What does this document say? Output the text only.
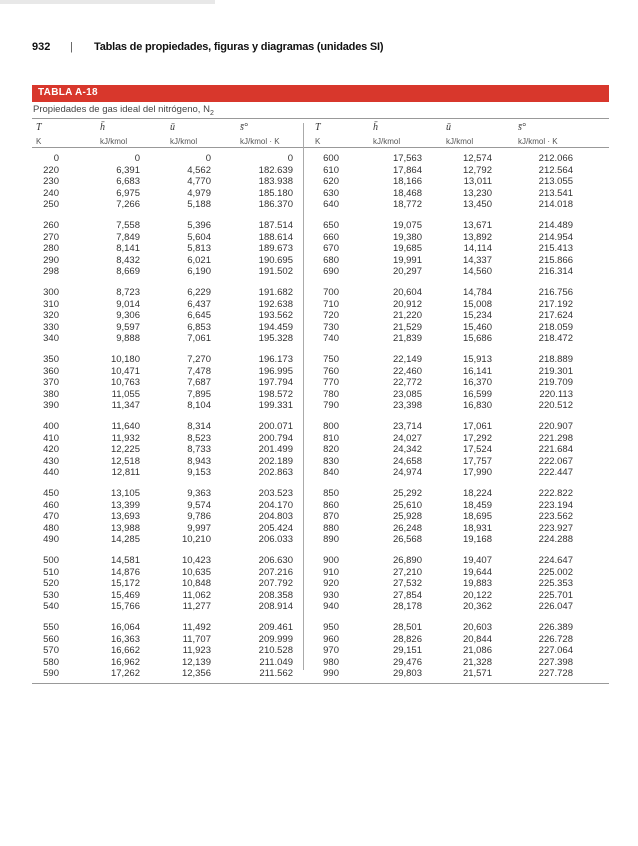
932 | Tablas de propiedades, figuras y diagramas (unidades SI)
TABLA A-18
Propiedades de gas ideal del nitrógeno, $N_2$
T
K
h̄
kJ/kmol
ū
kJ/kmol
s̄°
kJ/kmol · K
T
K
h̄
kJ/kmol
ū
kJ/kmol
s̄°
kJ/kmol · K
0	0	0	0	600	17,563	12,574	212.066
220	6,391	4,562	182.639	610	17,864	12,792	212.564
230	6,683	4,770	183.938	620	18,166	13,011	213.055
240	6,975	4,979	185.180	630	18,468	13,230	213.541
250	7,266	5,188	186.370	640	18,772	13,450	214.018
260	7,558	5,396	187.514	650	19,075	13,671	214.489
270	7,849	5,604	188.614	660	19,380	13,892	214.954
280	8,141	5,813	189.673	670	19,685	14,114	215.413
290	8,432	6,021	190.695	680	19,991	14,337	215.866
298	8,669	6,190	191.502	690	20,297	14,560	216.314
300	8,723	6,229	191.682	700	20,604	14,784	216.756
310	9,014	6,437	192.638	710	20,912	15,008	217.192
320	9,306	6,645	193.562	720	21,220	15,234	217.624
330	9,597	6,853	194.459	730	21,529	15,460	218.059
340	9,888	7,061	195.328	740	21,839	15,686	218.472
350	10,180	7,270	196.173	750	22,149	15,913	218.889
360	10,471	7,478	196.995	760	22,460	16,141	219.301
370	10,763	7,687	197.794	770	22,772	16,370	219.709
380	11,055	7,895	198.572	780	23,085	16,599	220.113
390	11,347	8,104	199.331	790	23,398	16,830	220.512
400	11,640	8,314	200.071	800	23,714	17,061	220.907
410	11,932	8,523	200.794	810	24,027	17,292	221.298
420	12,225	8,733	201.499	820	24,342	17,524	221.684
430	12,518	8,943	202.189	830	24,658	17,757	222.067
440	12,811	9,153	202.863	840	24,974	17,990	222.447
450	13,105	9,363	203.523	850	25,292	18,224	222.822
460	13,399	9,574	204.170	860	25,610	18,459	223.194
470	13,693	9,786	204.803	870	25,928	18,695	223.562
480	13,988	9,997	205.424	880	26,248	18,931	223.927
490	14,285	10,210	206.033	890	26,568	19,168	224.288
500	14,581	10,423	206.630	900	26,890	19,407	224.647
510	14,876	10,635	207.216	910	27,210	19,644	225.002
520	15,172	10,848	207.792	920	27,532	19,883	225.353
530	15,469	11,062	208.358	930	27,854	20,122	225.701
540	15,766	11,277	208.914	940	28,178	20,362	226.047
550	16,064	11,492	209.461	950	28,501	20,603	226.389
560	16,363	11,707	209.999	960	28,826	20,844	226.728
570	16,662	11,923	210.528	970	29,151	21,086	227.064
580	16,962	12,139	211.049	980	29,476	21,328	227.398
590	17,262	12,356	211.562	990	29,803	21,571	227.728
